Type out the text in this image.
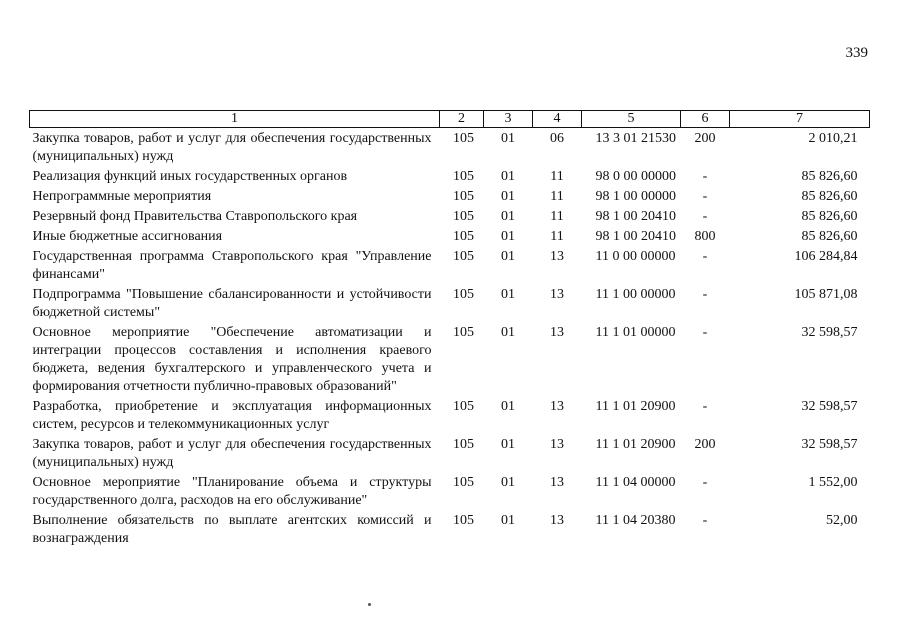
339
1	2	3	4	5	6	7
Закупка товаров, работ и услуг для обеспечения государственных (муниципальных) нужд	105	01	06	13 3 01 21530	200	2 010,21
Реализация функций иных государственных органов	105	01	11	98 0 00 00000	-	85 826,60
Непрограммные мероприятия	105	01	11	98 1 00 00000	-	85 826,60
Резервный фонд Правительства Ставропольского края	105	01	11	98 1 00 20410	-	85 826,60
Иные бюджетные ассигнования	105	01	11	98 1 00 20410	800	85 826,60
Государственная программа Ставропольского края "Управление финансами"	105	01	13	11 0 00 00000	-	106 284,84
Подпрограмма "Повышение сбалансированности и устойчивости бюджетной системы"	105	01	13	11 1 00 00000	-	105 871,08
Основное мероприятие "Обеспечение автоматизации и интеграции процессов составления и исполнения краевого бюджета, ведения бухгалтерского и управленческого учета и формирования отчетности публично-правовых образований"	105	01	13	11 1 01 00000	-	32 598,57
Разработка, приобретение и эксплуатация информационных систем, ресурсов и телекоммуникационных услуг	105	01	13	11 1 01 20900	-	32 598,57
Закупка товаров, работ и услуг для обеспечения государственных (муниципальных) нужд	105	01	13	11 1 01 20900	200	32 598,57
Основное мероприятие "Планирование объема и структуры государственного долга, расходов на его обслуживание"	105	01	13	11 1 04 00000	-	1 552,00
Выполнение обязательств по выплате агентских комиссий и вознаграждения	105	01	13	11 1 04 20380	-	52,00
